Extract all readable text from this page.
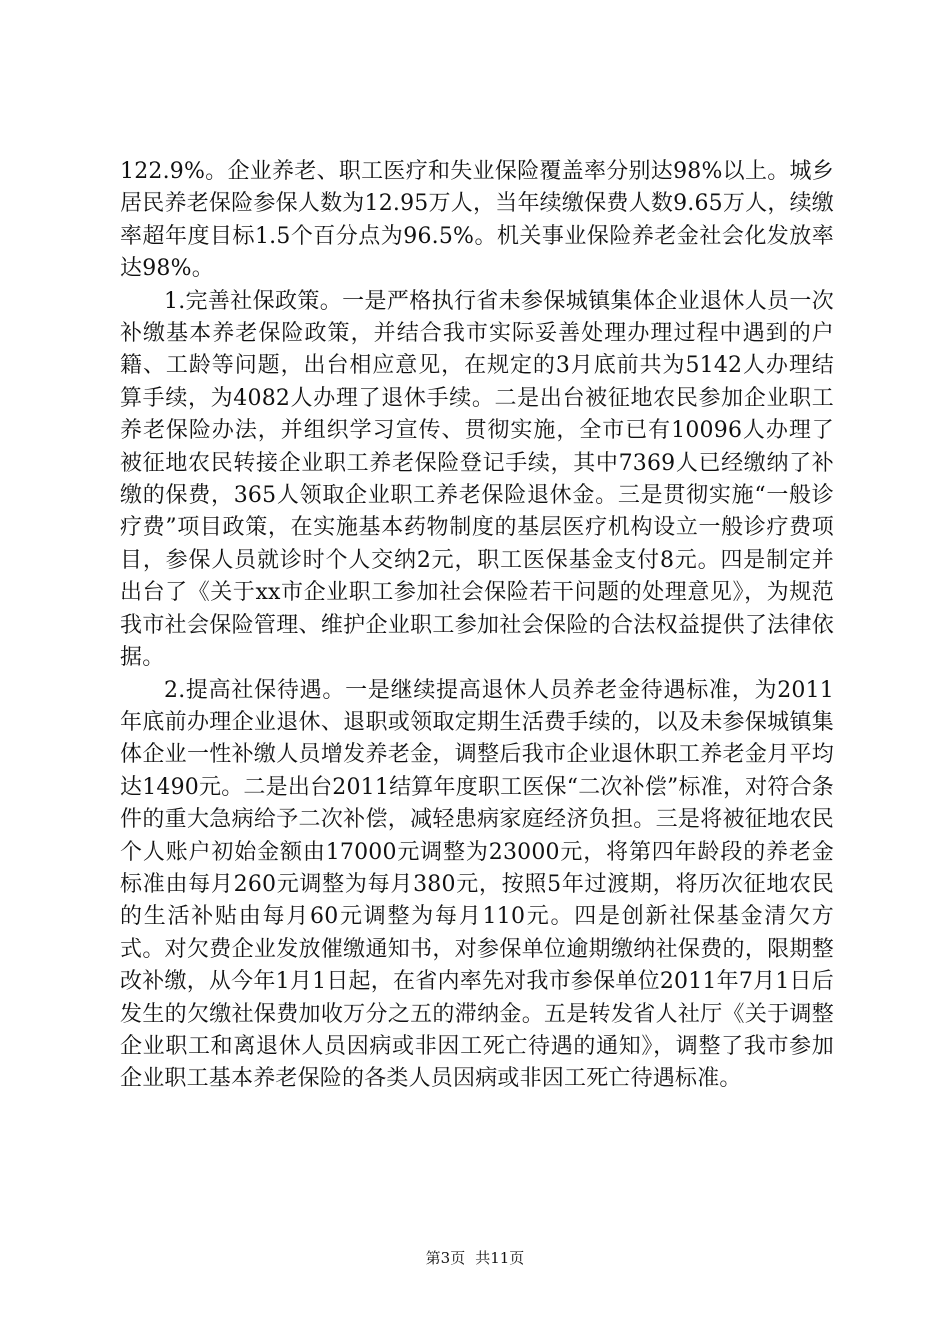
122.9%。企业养老、职工医疗和失业保险覆盖率分别达98%以上。城乡居民养老保险参保人数为12.95万人，当年续缴保费人数9.65万人，续缴率超年度目标1.5个百分点为96.5%。机关事业保险养老金社会化发放率达98%。

1.完善社保政策。一是严格执行省未参保城镇集体企业退休人员一次补缴基本养老保险政策，并结合我市实际妥善处理办理过程中遇到的户籍、工龄等问题，出台相应意见，在规定的3月底前共为5142人办理结算手续，为4082人办理了退休手续。二是出台被征地农民参加企业职工养老保险办法，并组织学习宣传、贯彻实施，全市已有10096人办理了被征地农民转接企业职工养老保险登记手续，其中7369人已经缴纳了补缴的保费，365人领取企业职工养老保险退休金。三是贯彻实施“一般诊疗费”项目政策，在实施基本药物制度的基层医疗机构设立一般诊疗费项目，参保人员就诊时个人交纳2元，职工医保基金支付8元。四是制定并出台了《关于xx市企业职工参加社会保险若干问题的处理意见》，为规范我市社会保险管理、维护企业职工参加社会保险的合法权益提供了法律依据。

2.提高社保待遇。一是继续提高退休人员养老金待遇标准，为2011年底前办理企业退休、退职或领取定期生活费手续的，以及未参保城镇集体企业一性补缴人员增发养老金，调整后我市企业退休职工养老金月平均达1490元。二是出台2011结算年度职工医保“二次补偿”标准，对符合条件的重大急病给予二次补偿，减轻患病家庭经济负担。三是将被征地农民个人账户初始金额由17000元调整为23000元，将第四年龄段的养老金标准由每月260元调整为每月380元，按照5年过渡期，将历次征地农民的生活补贴由每月60元调整为每月110元。四是创新社保基金清欠方式。对欠费企业发放催缴通知书，对参保单位逾期缴纳社保费的，限期整改补缴，从今年1月1日起，在省内率先对我市参保单位2011年7月1日后发生的欠缴社保费加收万分之五的滞纳金。五是转发省人社厅《关于调整企业职工和离退休人员因病或非因工死亡待遇的通知》，调整了我市参加企业职工基本养老保险的各类人员因病或非因工死亡待遇标准。

第3页 共11页
